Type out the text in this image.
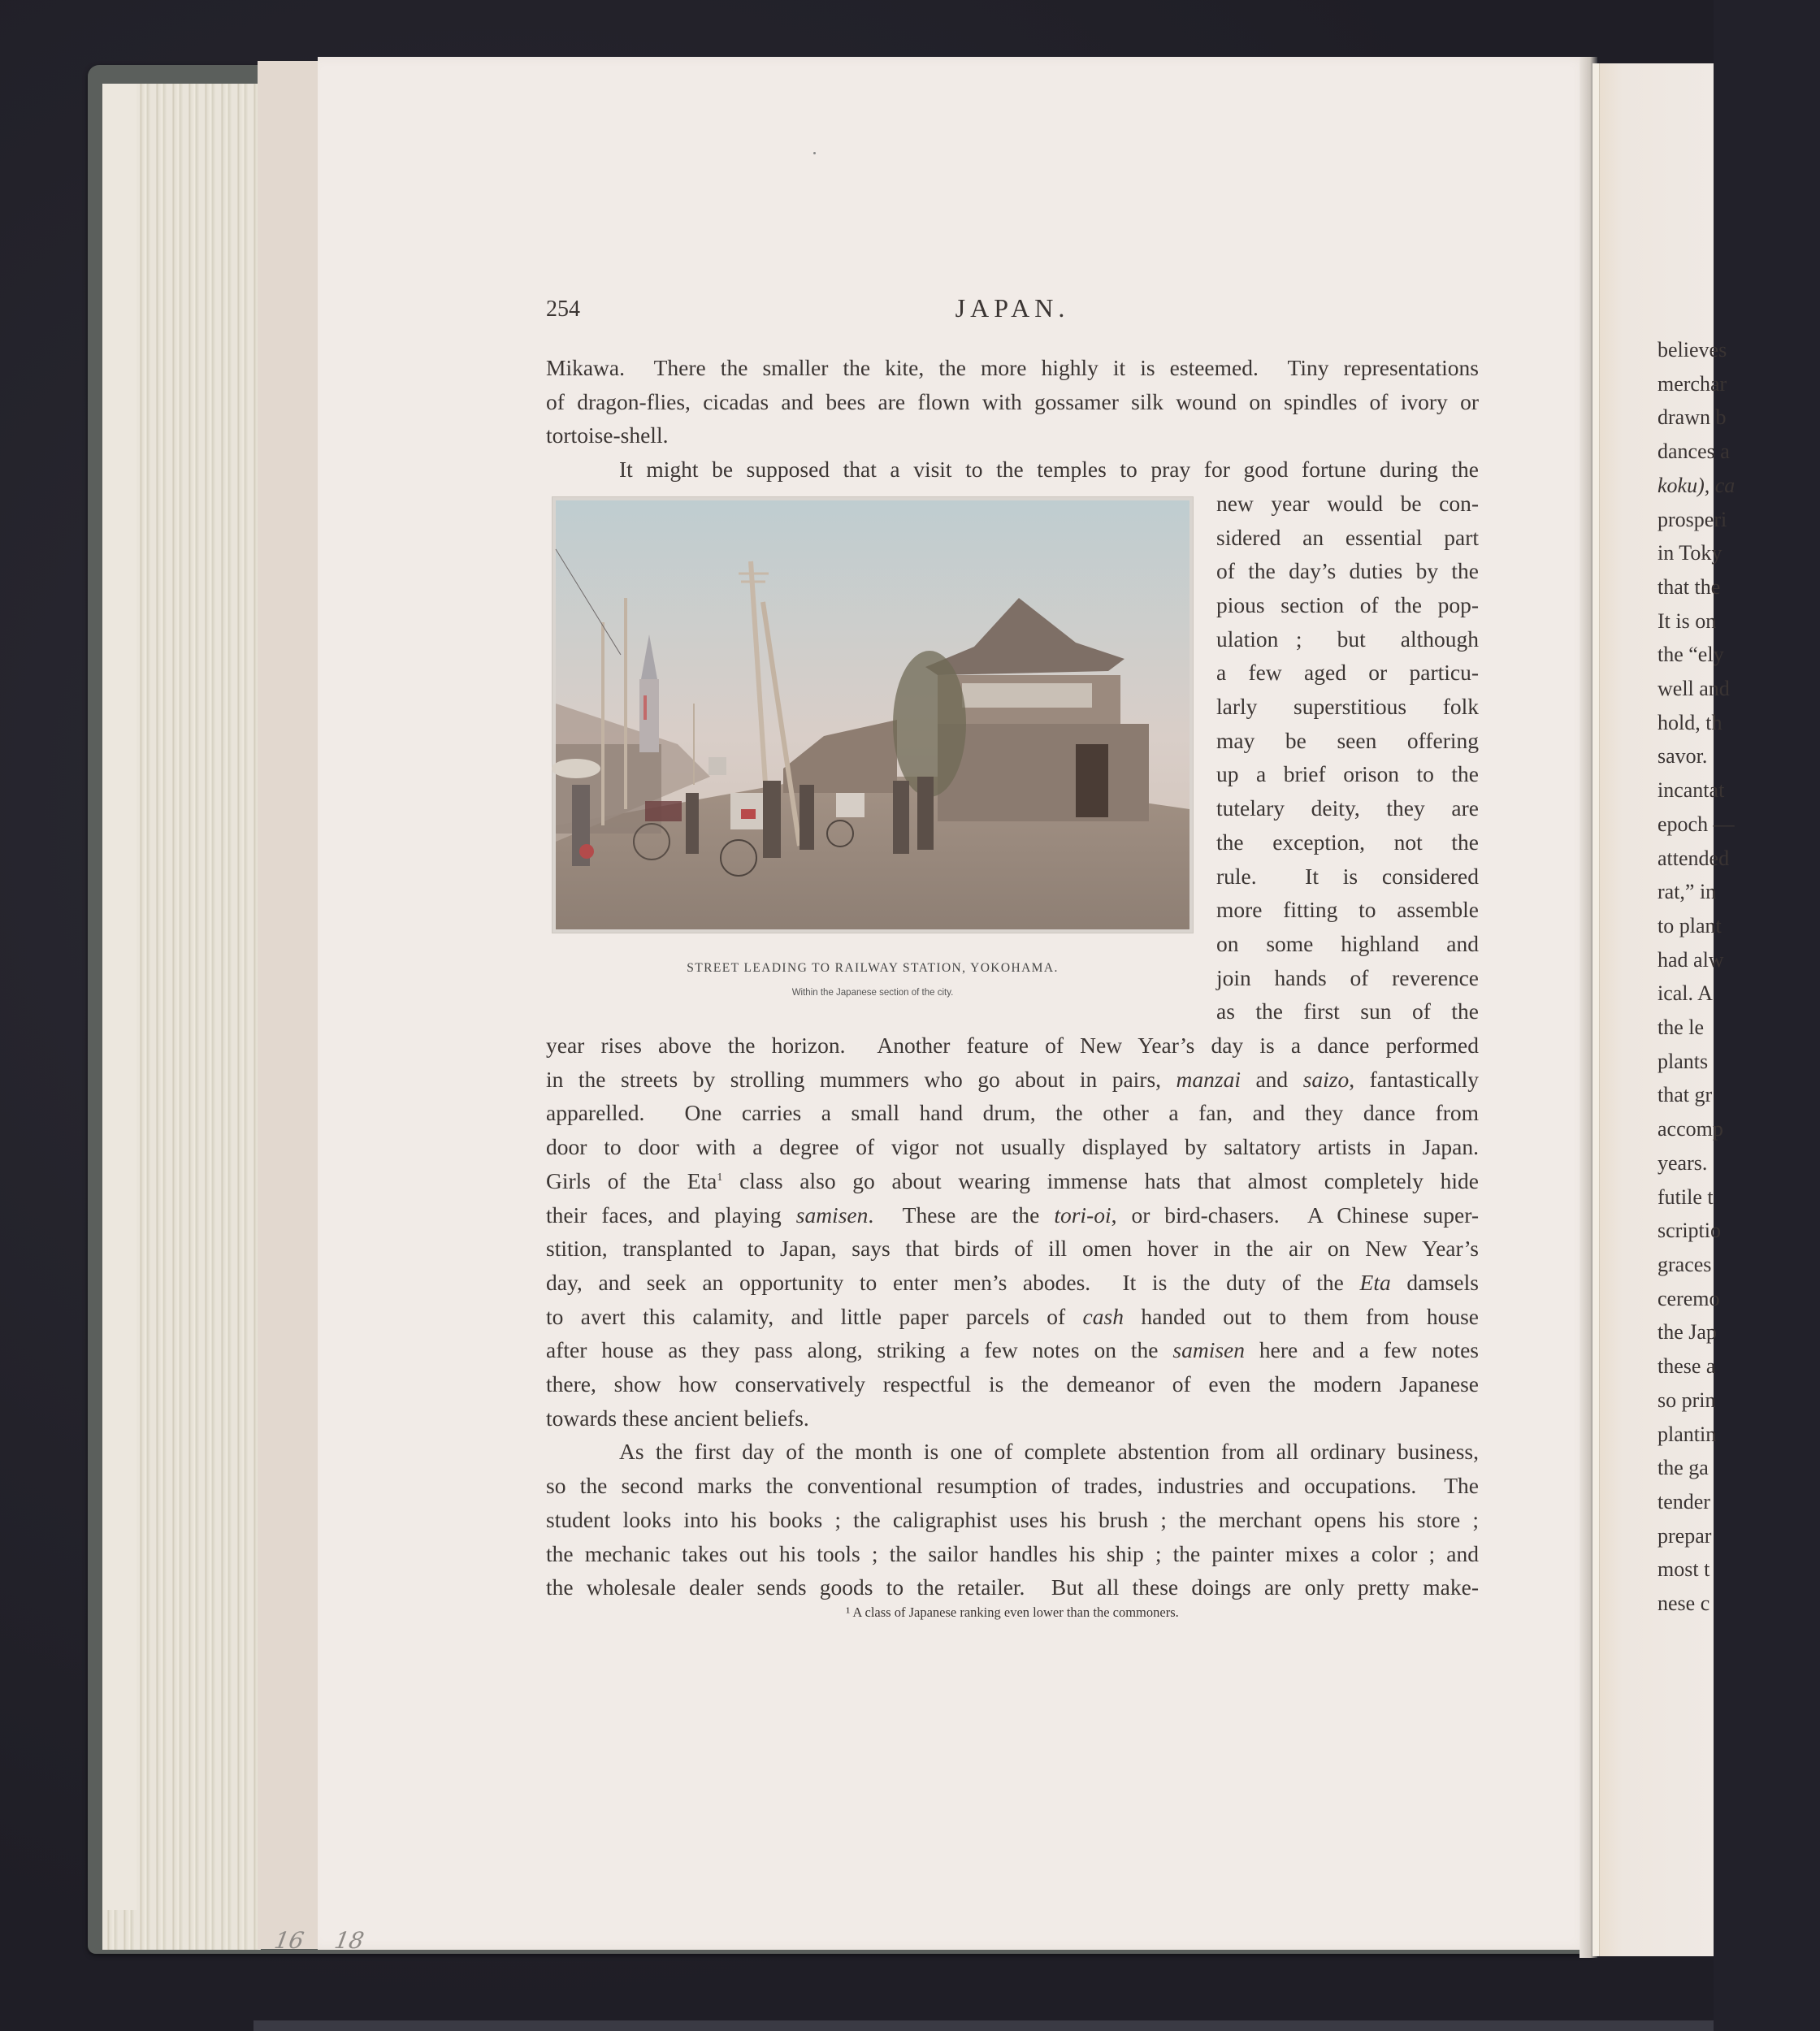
254	JAPAN.
Mikawa.  There the smaller the kite, the more highly it is esteemed.  Tiny representations
of dragon-flies, cicadas and bees are flown with gossamer silk wound on spindles of ivory or
tortoise-shell.
It might be supposed that a visit to the temples to pray for good fortune during the
new year would be con-
sidered an essential part
of the day’s duties by the
pious section of the pop-
ulation ;  but  although
a few aged or particu-
larly superstitious folk
may be seen offering
up a brief orison to the
tutelary deity, they are
the exception, not the
rule.  It is considered
more fitting to assemble
on some highland and
join hands of reverence
as the first sun of the
year rises above the horizon.  Another feature of New Year’s day is a dance performed
in the streets by strolling mummers who go about in pairs, manzai and saizo, fantastically
apparelled.  One carries a small hand drum, the other a fan, and they dance from
door to door with a degree of vigor not usually displayed by saltatory artists in Japan.
Girls of the Eta$^1$ class also go about wearing immense hats that almost completely hide
their faces, and playing samisen.  These are the tori-oi, or bird-chasers.  A Chinese super-
stition, transplanted to Japan, says that birds of ill omen hover in the air on New Year’s
day, and seek an opportunity to enter men’s abodes.  It is the duty of the Eta damsels
to avert this calamity, and little paper parcels of cash handed out to them from house
after house as they pass along, striking a few notes on the samisen here and a few notes
there, show how conservatively respectful is the demeanor of even the modern Japanese
towards these ancient beliefs.
As the first day of the month is one of complete abstention from all ordinary business,
so the second marks the conventional resumption of trades, industries and occupations.  The
student looks into his books ; the caligraphist uses his brush ; the merchant opens his store ;
the mechanic takes out his tools ; the sailor handles his ship ; the painter mixes a color ; and
the wholesale dealer sends goods to the retailer.  But all these doings are only pretty make-
STREET LEADING TO RAILWAY STATION, YOKOHAMA.
Within the Japanese section of the city.
¹ A class of Japanese ranking even lower than the commoners.
believes
merchar
drawn b
dances a
koku), ca
prosperi
in Toky
that the
It is on
the “ely
well and
hold, th
savor.
incantat
epoch —
attended
rat,” in
to plant
had alw
ical. A
the le
plants
that gr
accomp
years.
futile t
scriptio
graces
ceremo
the Jap
these a
so prin
plantin
the ga
tender
prepar
most t
nese c
16 18
